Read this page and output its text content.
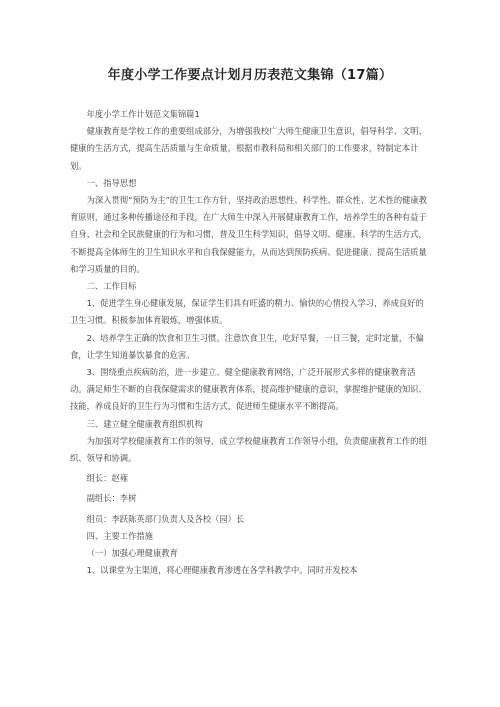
年度小学工作要点计划月历表范文集锦（17篇）

年度小学工作计划范文集锦篇1

健康教育是学校工作的重要组成部分，为增强我校广大师生健康卫生意识，倡导科学、文明、健康的生活方式，提高生活质量与生命质量，根据市教科局和相关部门的工作要求，特制定本计划。

一、指导思想

为深入贯彻“预防为主”的卫生工作方针，坚持政治思想性、科学性、群众性、艺术性的健康教育原则，通过多种传播途径和手段，在广大师生中深入开展健康教育工作，培养学生的各种有益于自身、社会和全民族健康的行为和习惯，普及卫生科学知识，倡导文明、健康、科学的生活方式，不断提高全体师生的卫生知识水平和自我保健能力，从而达到预防疾病、促进健康、提高生活质量和学习质量的目的。

二、工作目标

1、促进学生身心健康发展，保证学生们具有旺盛的精力、愉快的心情投入学习，养成良好的卫生习惯。积极参加体育锻炼，增强体质。

2、培养学生正确的饮食和卫生习惯。注意饮食卫生，吃好早餐，一日三餐，定时定量，不偏食，让学生知道暴饮暴食的危害。

3、围绕重点疾病防治，进一步建立、健全健康教育网络，广泛开展形式多样的健康教育活动。满足师生不断的自我保健需求的健康教育体系，提高维护健康的意识，掌握维护健康的知识、技能，养成良好的卫生行为习惯和生活方式，促进师生健康水平不断提高。

三、建立健全健康教育组织机构

为加强对学校健康教育工作的领导，成立学校健康教育工作领导小组，负责健康教育工作的组织、领导和协调。

组长：赵雍

副组长：李树

组员：李跃陈英部门负责人及各校（园）长

四、主要工作措施

（一）加强心理健康教育

1、以课堂为主渠道，将心理健康教育渗透在各学科教学中。同时开发校本
